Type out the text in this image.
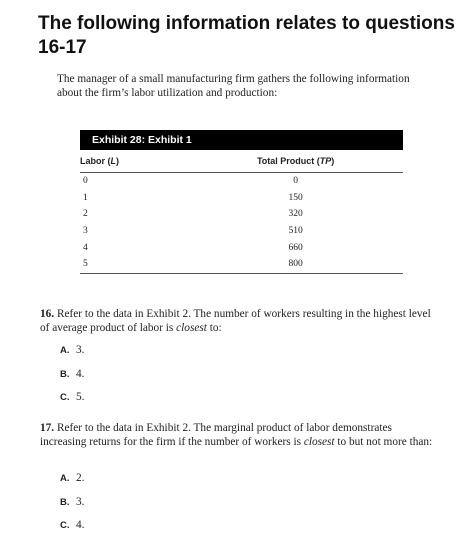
The following information relates to questions 16-17

The manager of a small manufacturing firm gathers the following information about the firm’s labor utilization and production:

Exhibit 28: Exhibit 1
Labor (L)	Total Product (TP)
0	0
1	150
2	320
3	510
4	660
5	800

16. Refer to the data in Exhibit 2. The number of workers resulting in the highest level of average product of labor is closest to:

A. 3.
B. 4.
C. 5.

17. Refer to the data in Exhibit 2. The marginal product of labor demonstrates increasing returns for the firm if the number of workers is closest to but not more than:

A. 2.
B. 3.
C. 4.
